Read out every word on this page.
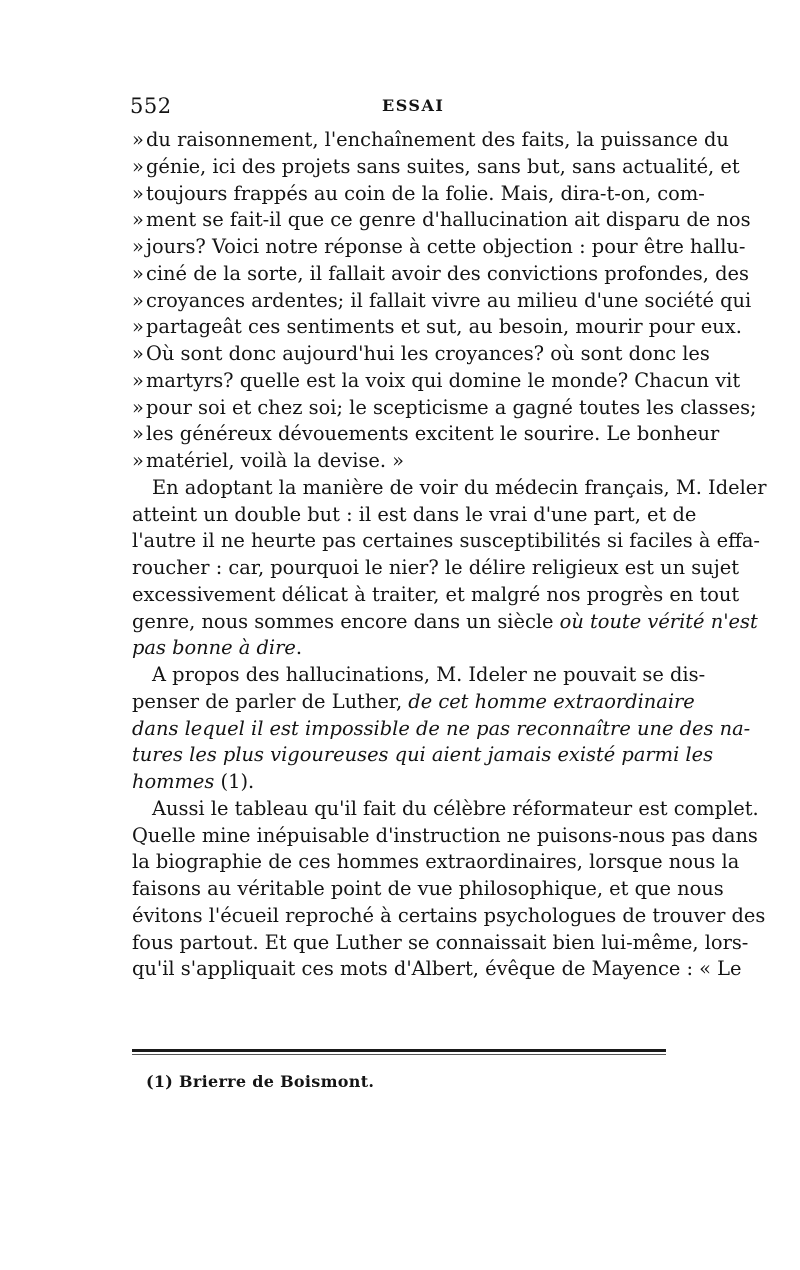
552	ESSAI
»du raisonnement, l'enchaînement des faits, la puissance du
»génie, ici des projets sans suites, sans but, sans actualité, et
»toujours frappés au coin de la folie. Mais, dira-t-on, com-
»ment se fait-il que ce genre d'hallucination ait disparu de nos
»jours? Voici notre réponse à cette objection : pour être hallu-
»ciné de la sorte, il fallait avoir des convictions profondes, des
»croyances ardentes; il fallait vivre au milieu d'une société qui
»partageât ces sentiments et sut, au besoin, mourir pour eux.
»Où sont donc aujourd'hui les croyances? où sont donc les
»martyrs? quelle est la voix qui domine le monde? Chacun vit
»pour soi et chez soi; le scepticisme a gagné toutes les classes;
»les généreux dévouements excitent le sourire. Le bonheur
»matériel, voilà la devise. »
En adoptant la manière de voir du médecin français, M. Ideler
atteint un double but : il est dans le vrai d'une part, et de
l'autre il ne heurte pas certaines susceptibilités si faciles à effa-
roucher : car, pourquoi le nier? le délire religieux est un sujet
excessivement délicat à traiter, et malgré nos progrès en tout
genre, nous sommes encore dans un siècle où toute vérité n'est
pas bonne à dire.
A propos des hallucinations, M. Ideler ne pouvait se dis-
penser de parler de Luther, de cet homme extraordinaire
dans lequel il est impossible de ne pas reconnaître une des na-
tures les plus vigoureuses qui aient jamais existé parmi les
hommes (1).
Aussi le tableau qu'il fait du célèbre réformateur est complet.
Quelle mine inépuisable d'instruction ne puisons-nous pas dans
la biographie de ces hommes extraordinaires, lorsque nous la
faisons au véritable point de vue philosophique, et que nous
évitons l'écueil reproché à certains psychologues de trouver des
fous partout. Et que Luther se connaissait bien lui-même, lors-
qu'il s'appliquait ces mots d'Albert, évêque de Mayence : « Le
(1) Brierre de Boismont.
